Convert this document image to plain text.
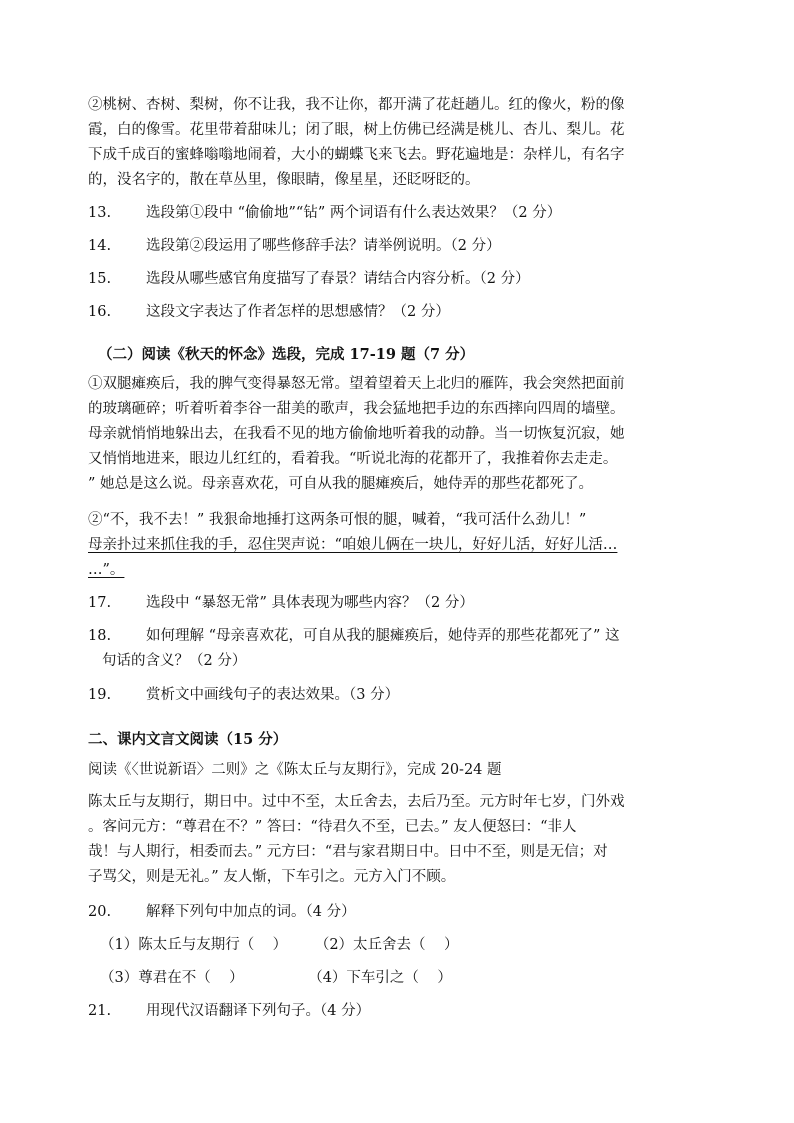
②桃树、杏树、梨树，你不让我，我不让你，都开满了花赶趟儿。红的像火，粉的像
霞，白的像雪。花里带着甜味儿；闭了眼，树上仿佛已经满是桃儿、杏儿、梨儿。花
下成千成百的蜜蜂嗡嗡地闹着，大小的蝴蝶飞来飞去。野花遍地是：杂样儿，有名字
的，没名字的，散在草丛里，像眼睛，像星星，还眨呀眨的。
13. 选段第①段中 “偷偷地”“钻” 两个词语有什么表达效果？（2 分）
14. 选段第②段运用了哪些修辞手法？请举例说明。（2 分）
15. 选段从哪些感官角度描写了春景？请结合内容分析。（2 分）
16. 这段文字表达了作者怎样的思想感情？（2 分）
（二）阅读《秋天的怀念》选段，完成 17-19 题（7 分）
①双腿瘫痪后，我的脾气变得暴怒无常。望着望着天上北归的雁阵，我会突然把面前
的玻璃砸碎；听着听着李谷一甜美的歌声，我会猛地把手边的东西摔向四周的墙壁。
母亲就悄悄地躲出去，在我看不见的地方偷偷地听着我的动静。当一切恢复沉寂，她
又悄悄地进来，眼边儿红红的，看着我。“听说北海的花都开了，我推着你去走走。
” 她总是这么说。母亲喜欢花，可自从我的腿瘫痪后，她侍弄的那些花都死了。
②“不，我不去！” 我狠命地捶打这两条可恨的腿，喊着，“我可活什么劲儿！”
母亲扑过来抓住我的手，忍住哭声说：“咱娘儿俩在一块儿，好好儿活，好好儿活…
…”。
17. 选段中 “暴怒无常” 具体表现为哪些内容？（2 分）
18. 如何理解 “母亲喜欢花，可自从我的腿瘫痪后，她侍弄的那些花都死了” 这
句话的含义？（2 分）
19. 赏析文中画线句子的表达效果。（3 分）
二、课内文言文阅读（15 分）
阅读《〈世说新语〉二则》之《陈太丘与友期行》，完成 20-24 题
陈太丘与友期行，期日中。过中不至，太丘舍去，去后乃至。元方时年七岁，门外戏
。客问元方：“尊君在不？” 答曰：“待君久不至，已去。” 友人便怒曰：“非人
哉！与人期行，相委而去。” 元方曰：“君与家君期日中。日中不至，则是无信；对
子骂父，则是无礼。” 友人惭，下车引之。元方入门不顾。
20. 解释下列句中加点的词。（4 分）
（1）陈太丘与友期行（    ）      （2）太丘舍去（    ）
（3）尊君在不（    ）              （4）下车引之（    ）
21. 用现代汉语翻译下列句子。（4 分）
